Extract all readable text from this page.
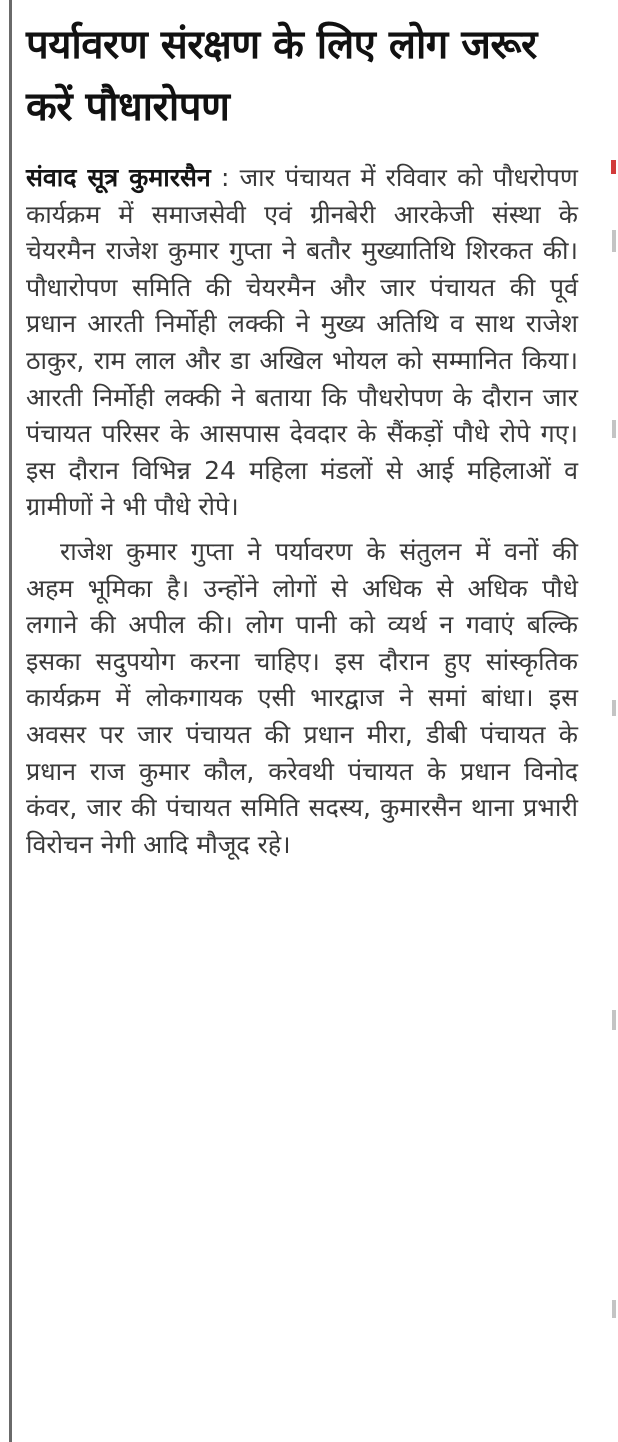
पर्यावरण संरक्षण के लिए लोग जरूर करें पौधारोपण

संवाद सूत्र कुमारसैन : जार पंचायत में रविवार को पौधरोपण कार्यक्रम में समाजसेवी एवं ग्रीनबेरी आरकेजी संस्था के चेयरमैन राजेश कुमार गुप्ता ने बतौर मुख्यातिथि शिरकत की। पौधारोपण समिति की चेयरमैन और जार पंचायत की पूर्व प्रधान आरती निर्मोही लक्की ने मुख्य अतिथि व साथ राजेश ठाकुर, राम लाल और डा अखिल भोयल को सम्मानित किया। आरती निर्मोही लक्की ने बताया कि पौधरोपण के दौरान जार पंचायत परिसर के आसपास देवदार के सैंकड़ों पौधे रोपे गए। इस दौरान विभिन्न 24 महिला मंडलों से आई महिलाओं व ग्रामीणों ने भी पौधे रोपे।

राजेश कुमार गुप्ता ने पर्यावरण के संतुलन में वनों की अहम भूमिका है। उन्होंने लोगों से अधिक से अधिक पौधे लगाने की अपील की। लोग पानी को व्यर्थ न गवाएं बल्कि इसका सदुपयोग करना चाहिए। इस दौरान हुए सांस्कृतिक कार्यक्रम में लोकगायक एसी भारद्वाज ने समां बांधा। इस अवसर पर जार पंचायत की प्रधान मीरा, डीबी पंचायत के प्रधान राज कुमार कौल, करेवथी पंचायत के प्रधान विनोद कंवर, जार की पंचायत समिति सदस्य, कुमारसैन थाना प्रभारी विरोचन नेगी आदि मौजूद रहे।
